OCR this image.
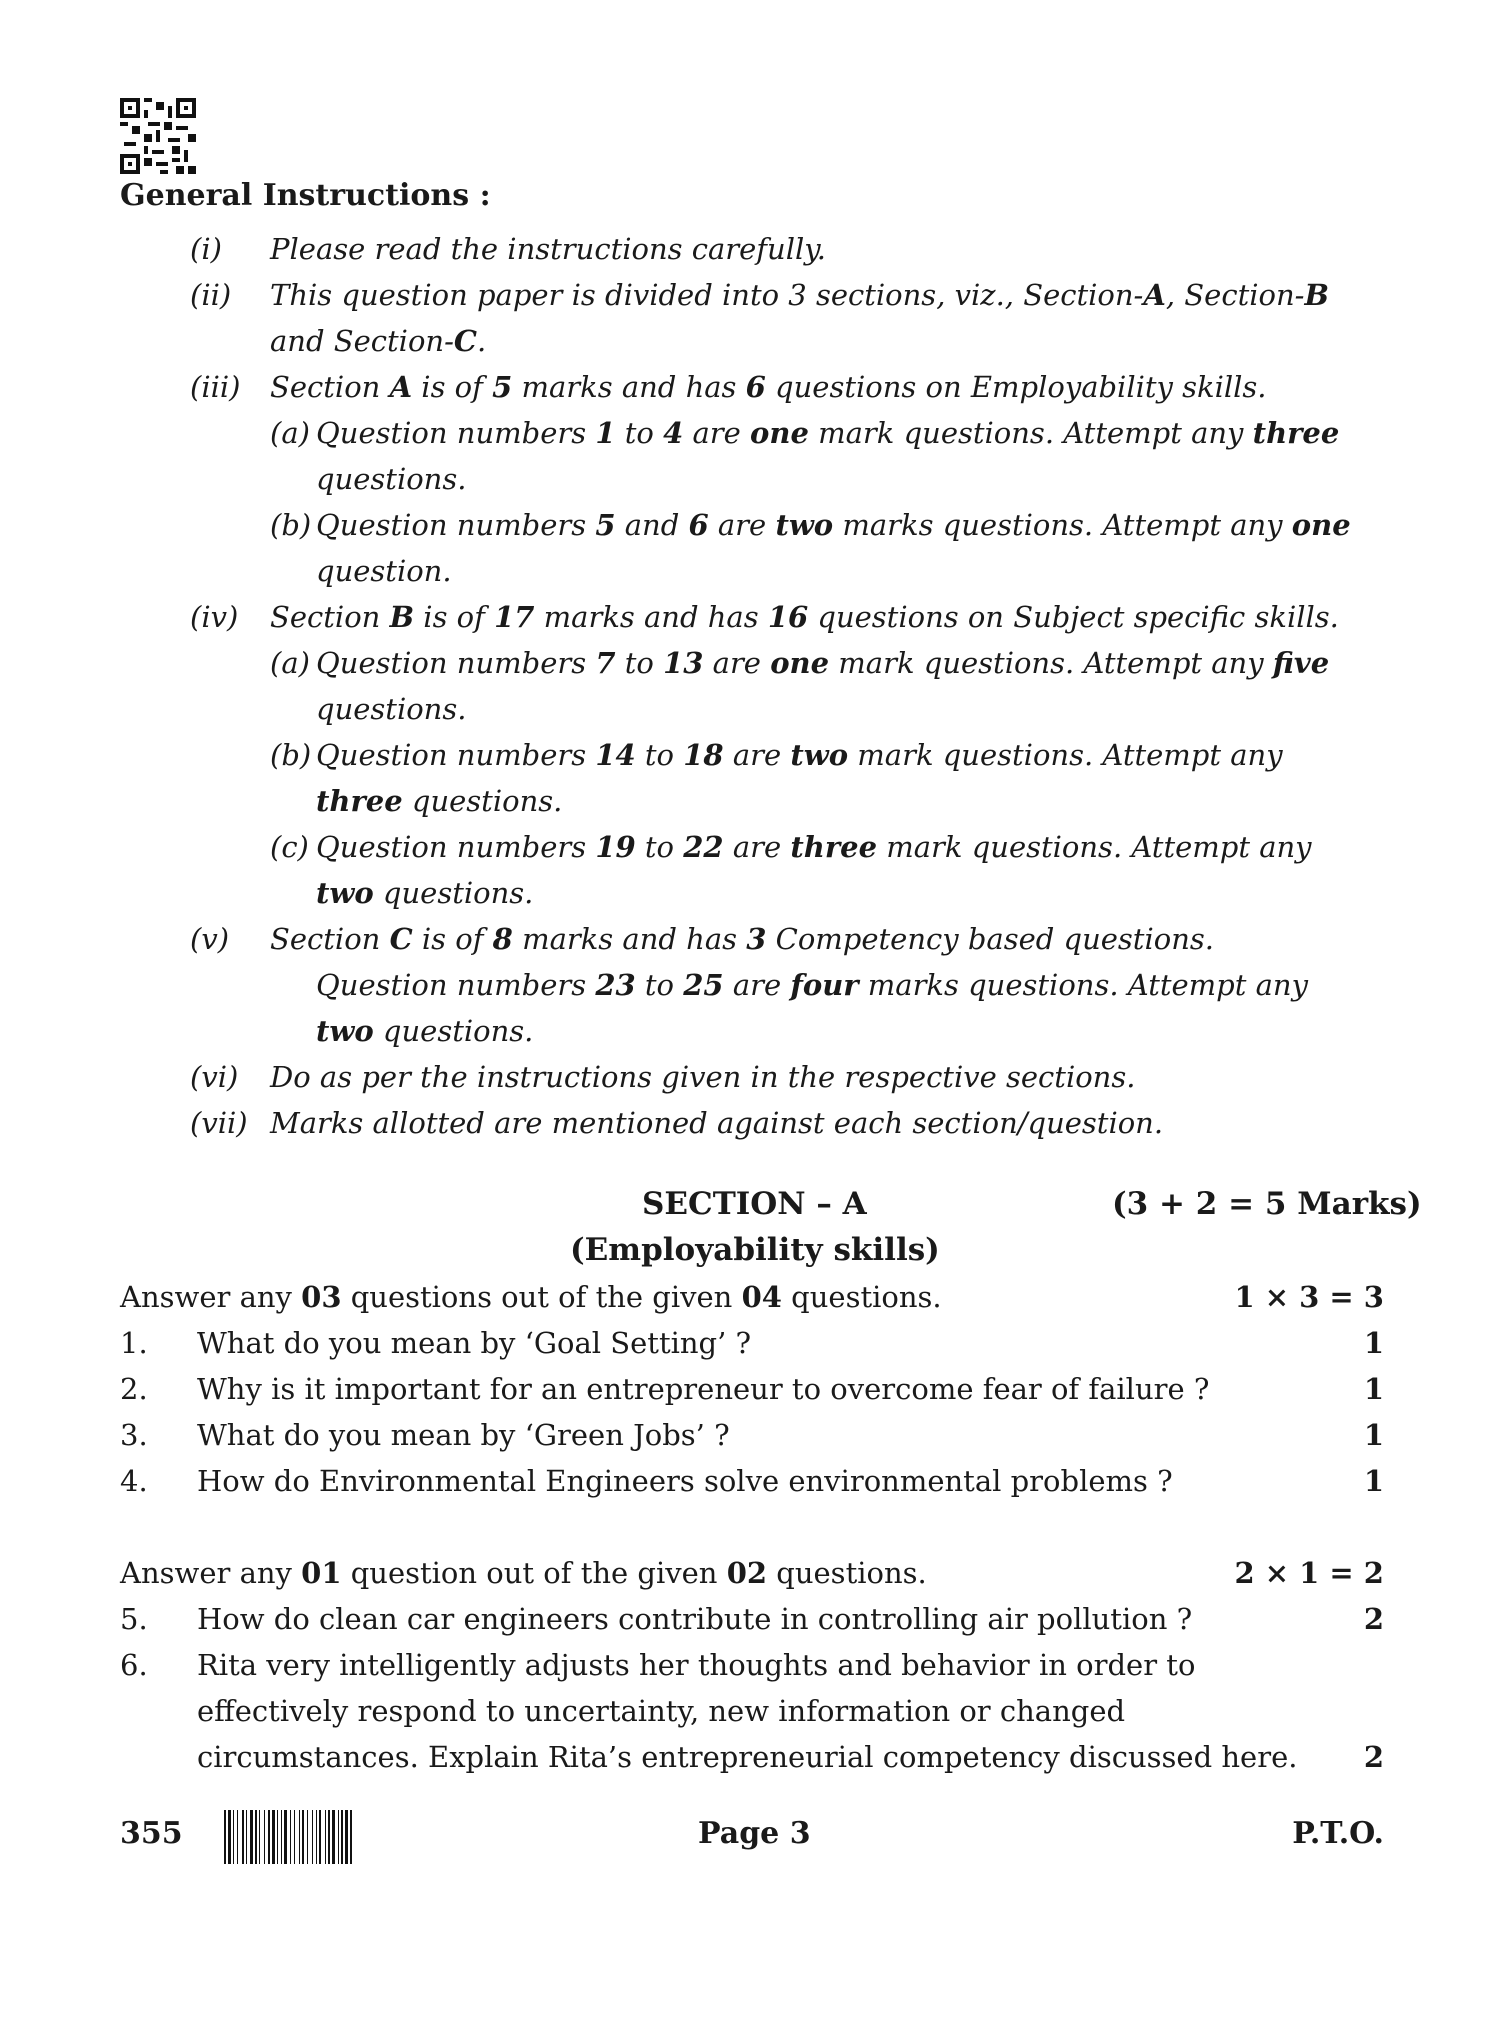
General Instructions :
(i) Please read the instructions carefully.
(ii) This question paper is divided into 3 sections, viz., Section-A, Section-B
and Section-C.
(iii) Section A is of 5 marks and has 6 questions on Employability skills.
(a) Question numbers 1 to 4 are one mark questions. Attempt any three
questions.
(b) Question numbers 5 and 6 are two marks questions. Attempt any one
question.
(iv) Section B is of 17 marks and has 16 questions on Subject specific skills.
(a) Question numbers 7 to 13 are one mark questions. Attempt any five
questions.
(b) Question numbers 14 to 18 are two mark questions. Attempt any
three questions.
(c) Question numbers 19 to 22 are three mark questions. Attempt any
two questions.
(v) Section C is of 8 marks and has 3 Competency based questions.
Question numbers 23 to 25 are four marks questions. Attempt any
two questions.
(vi) Do as per the instructions given in the respective sections.
(vii) Marks allotted are mentioned against each section/question.
SECTION – A	(3 + 2 = 5 Marks)
(Employability skills)
Answer any 03 questions out of the given 04 questions.	1 × 3 = 3
1. What do you mean by ‘Goal Setting’ ?	1
2. Why is it important for an entrepreneur to overcome fear of failure ?	1
3. What do you mean by ‘Green Jobs’ ?	1
4. How do Environmental Engineers solve environmental problems ?	1
Answer any 01 question out of the given 02 questions.	2 × 1 = 2
5. How do clean car engineers contribute in controlling air pollution ?	2
6. Rita very intelligently adjusts her thoughts and behavior in order to
effectively respond to uncertainty, new information or changed
circumstances. Explain Rita’s entrepreneurial competency discussed here. 2
355	Page 3	P.T.O.
